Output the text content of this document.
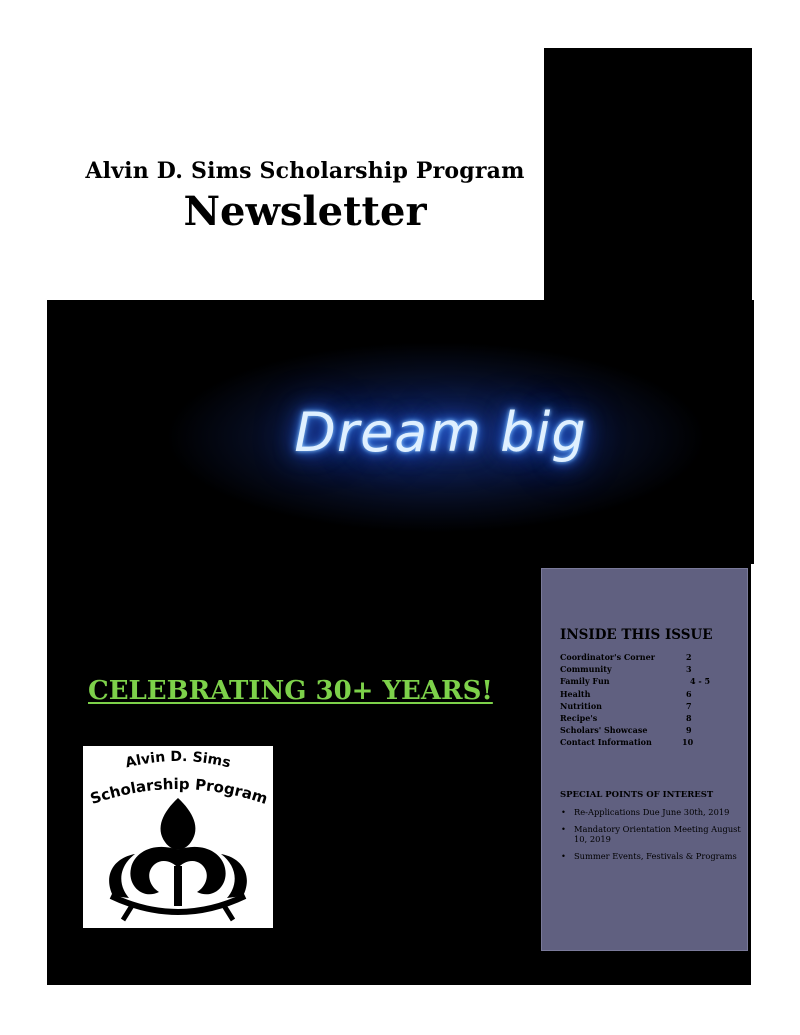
Alvin D. Sims Scholarship Program
Newsletter
Dream big
CELEBRATING 30+ YEARS!
Alvin D. Sims
Scholarship Program
INSIDE THIS ISSUE
Coordinator's Corner	2
Community	3
Family Fun	4 - 5
Health	6
Nutrition	7
Recipe's	8
Scholars' Showcase	9
Contact Information	10
SPECIAL POINTS OF INTEREST
• Re-Applications Due June 30th, 2019
• Mandatory Orientation Meeting August 10, 2019
• Summer Events, Festivals & Programs
